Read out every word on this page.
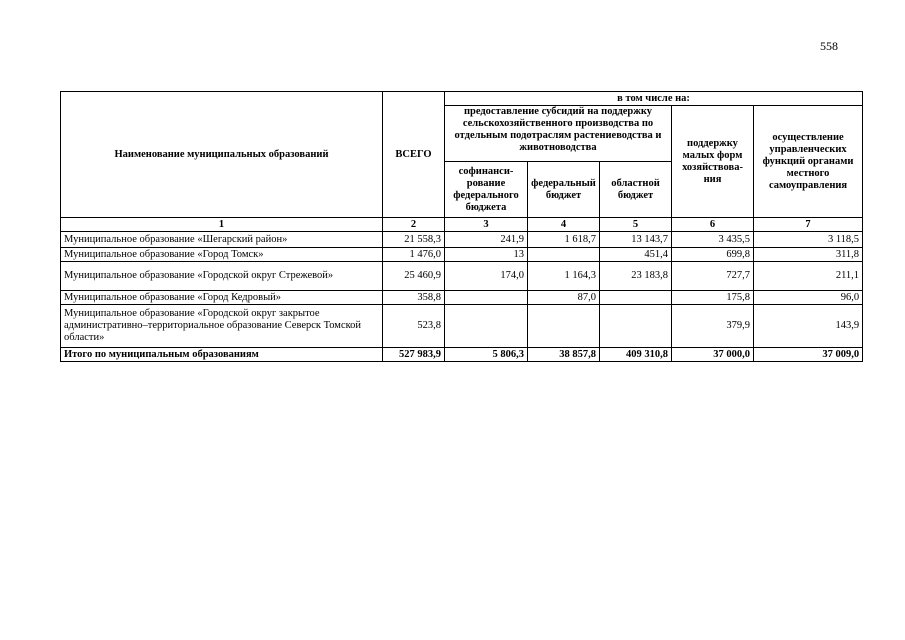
558
Наименование муниципальных образований	ВСЕГО	в том числе на:				
		предоставление субсидий на поддержку сельскохозяйственного производства по отдельным подотраслям растениеводства и животноводства			поддержку малых форм хозяйствова-ния	осуществление управленческих функций органами местного самоуправления
		софинанси-рование федерального бюджета	федеральный бюджет	областной бюджет		
1	2	3	4	5	6	7
Муниципальное образование «Шегарский район»	21 558,3	241,9	1 618,7	13 143,7	3 435,5	3 118,5
Муниципальное образование «Город Томск»	1 476,0	13		451,4	699,8	311,8
Муниципальное образование «Городской округ Стрежевой»	25 460,9	174,0	1 164,3	23 183,8	727,7	211,1
Муниципальное образование «Город Кедровый»	358,8		87,0		175,8	96,0
Муниципальное образование «Городской округ закрытое административно–территориальное образование Северск Томской области»	523,8				379,9	143,9
Итого по муниципальным образованиям	527 983,9	5 806,3	38 857,8	409 310,8	37 000,0	37 009,0
